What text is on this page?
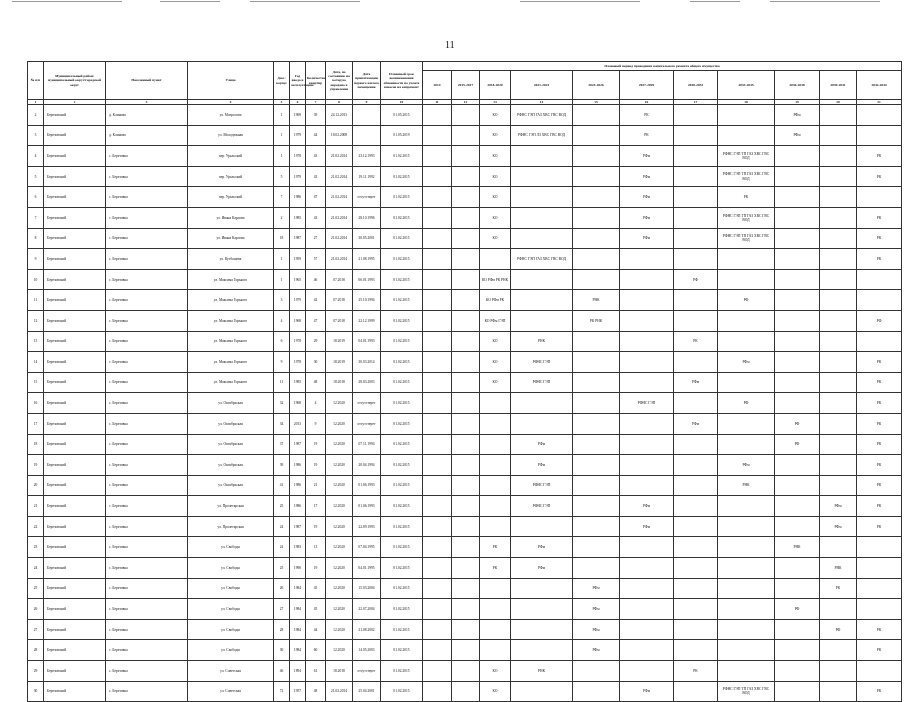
11
№ п/п	Муниципальный район/ муниципальный округ/городской округ	Населенный пункт	Улица	Дом / корпус	Год ввода в эксплуатацию	Количество квартир	Дата, по состоянию на которую передано в управление	Дата приватизации первого жилого помещения	Плановый срок возникновения обязанности по уплате взносов на капремонт	Плановый период проведения капитального ремонта общего имущества										
										2014	2015-2017	2018-2020	2021-2023	2024-2026	2027-2029	2030-2032	2033-2035	2036-2038	2039-2041	2042-2044
1	2	3	4	5	6	7	8	9	10	11	12	13	14	15	16	17	18	19	20	21
2	Березовский	д. Клинова	ул. Матросова	1	1969	39	24.12.2013		01.05.2015			КО	РФНС ГЭП ГАЗ ХВС ГВС ВОД		РК			РФм		
3	Березовский	д. Клинова	ул. Молодежная	1	1979	44	18.02.2008		01.05.2019			КО	РФНС ГЭП ЛЗ ХВС ГВС ВОД		РК			РФм		
4	Березовский	с. Березовка	пер. Уральский	1	1978	43	21.02.2014	23.12.1993	01.02.2015			КО			РФм		РФНС ГЭП ТП ГАЗ ХВС ГВС ВОД			РК
5	Березовский	с. Березовка	пер. Уральский	5	1979	43	21.02.2014	19.11.1992	01.02.2015			КО			РФм		РФНС ГЭП ТП ГАЗ ХВС ГВС ВОД			РК
6	Березовский	с. Березовка	пер. Уральский	7	1986	47	21.02.2014	отсутствует	01.02.2015			КО			РФм		РК			
7	Березовский	с. Березовка	ул. Ивана Карлова	2	1985	43	21.02.2014	28.10.1996	01.02.2015			КО			РФм		РФНС ГЭП ТП ГАЗ ХВС ГВС ВОД			РК
8	Березовский	с. Березовка	ул. Ивана Карлова	18	1987	27	21.02.2014	30.05.2001	01.02.2015			КО			РФм		РФНС ГЭП ТП ГАЗ ХВС ГВС ВОД			РК
9	Березовский	с. Березовка	ул. Кутбашева	1	1959	57	21.02.2014	21.08.1995	01.02.2015				РФНС ГЭП ГАЗ ХВС ГВС ВОД							РК
10	Березовский	с. Березовка	ул. Максима Горького	1	1965	46	07.2018	06.01.1993	01.02.2015			КО РФм РК РНК				РФ				
11	Березовский	с. Березовка	ул. Максима Горького	3	1979	42	07.2018	25.10.1994	01.02.2015			КО РФм РК		РНК			РФ			
12	Березовский	с. Березовка	ул. Максима Горького	4	1968	47	07.2018	22.12.1999	01.02.2015			КО РФм ГЭП		РК РНК						РФ
13	Березовский	с. Березовка	ул. Максима Горького	6	1978	29	18.2019	04.01.1993	01.02.2015			КО	РНК			РК				
14	Березовский	с. Березовка	ул. Максима Горького	9	1978	30	18.2019	30.03.2014	01.02.2015			КО	РФНС ГЭП				РФм			РК
15	Березовский	с. Березовка	ул. Максима Горького	11	1985	48	18.2018	28.03.2003	01.02.2015			КО	РФНС ГЭП			РФм				РК
16	Березовский	с. Березовка	ул. Октябрьская	32	1968	4	12.2020	отсутствует	01.02.2015						РФНС ГЭП		РФ			РК
17	Березовский	с. Березовка	ул. Октябрьская	34	2013	9	12.2020	отсутствует	01.02.2015							РФм		РФ		РК
18	Березовский	с. Березовка	ул. Октябрьская	37	1987	19	12.2020	07.11.1994	01.02.2015				РФм					РФ		РК
19	Березовский	с. Березовка	ул. Октябрьская	39	1986	19	12.2020	20.04.1994	01.02.2015				РФм				РФм			РК
20	Березовский	с. Березовка	ул. Октябрьская	41	1986	21	12.2020	01.06.1993	01.02.2015				РФНС ГЭП				РНК			РК
21	Березовский	с. Березовка	ул. Пролетарская	25	1986	17	12.2020	01.06.1993	01.02.2015				РФНС ГЭП		РФм				РФм	РК
22	Березовский	с. Березовка	ул. Пролетарская	24	1987	19	12.2020	22.09.1993	01.02.2015						РФм				РФм	РК
23	Березовский	с. Березовка	ул. Свободы	24	1983	13	12.2020	07.04.1995	01.02.2015			РК	РФм					РНК		
24	Березовский	с. Березовка	ул. Свободы	25	1990	19	12.2020	04.01.1995	01.02.2015			РК	РФм						РНК	
25	Березовский	с. Березовка	ул. Свободы	26	1984	45	12.2020	15.03.2004	01.02.2015					РФм					РК	
26	Березовский	с. Березовка	ул. Свободы	27	1984	45	12.2020	22.07.2004	01.02.2015					РФм				РФ		
27	Березовский	с. Березовка	ул. Свободы	28	1984	44	12.2020	21.08.2002	01.02.2015					РФм					РФ	РК
28	Березовский	с. Березовка	ул. Свободы	30	1984	60	12.2020	14.05.2003	01.02.2015					РФм						РК
29	Березовский	с. Березовка	ул. Советская	46	1894	61	18.2018	отсутствует	01.02.2015			КО	РНК			РК				
30	Березовский	с. Березовка	ул. Советская	72	1957	48	21.02.2014	25.04.2001	01.02.2015			КО			РФм		РФНС ГЭП ТП ГАЗ ХВС ГВС ВОД			РК
